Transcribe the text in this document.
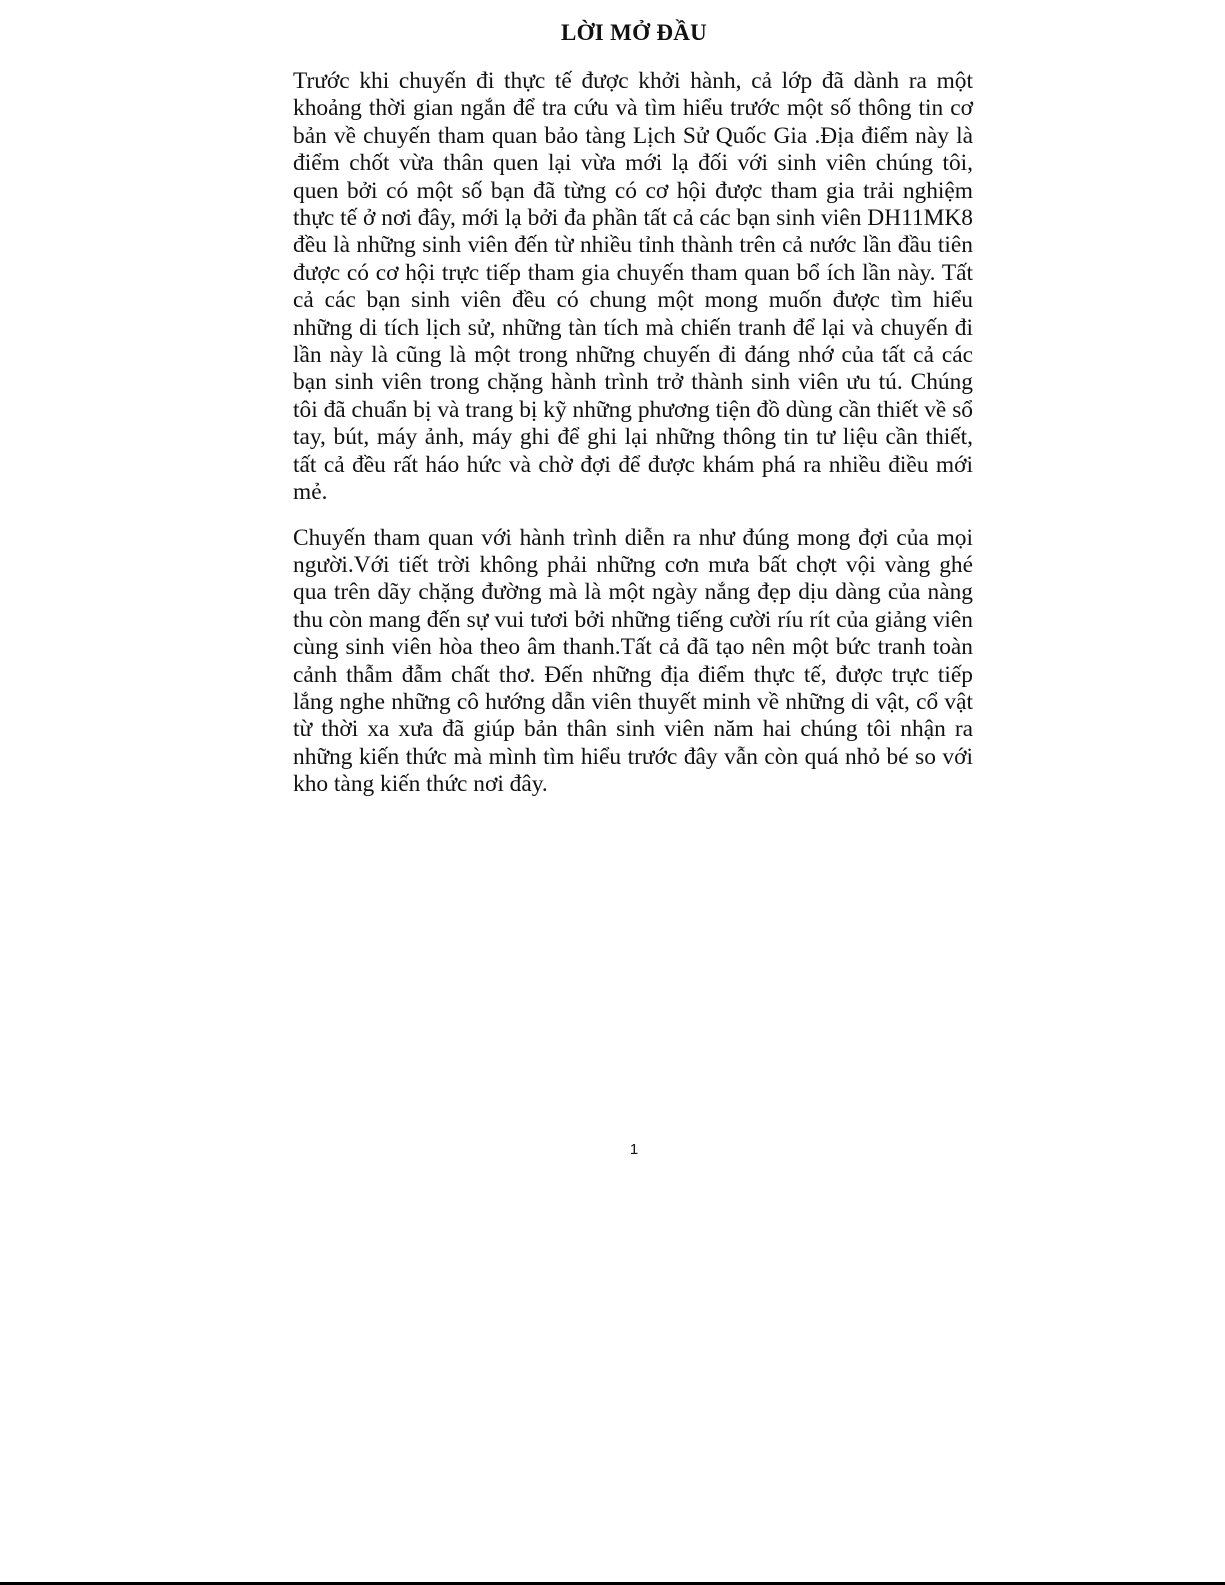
LỜI MỞ ĐẦU

Trước khi chuyến đi thực tế được khởi hành, cả lớp đã dành ra một khoảng thời gian ngắn để tra cứu và tìm hiểu trước một số thông tin cơ bản về chuyến tham quan bảo tàng Lịch Sử Quốc Gia .Địa điểm này là điểm chốt vừa thân quen lại vừa mới lạ đối với sinh viên chúng tôi, quen bởi có một số bạn đã từng có cơ hội được tham gia trải nghiệm thực tế ở nơi đây, mới lạ bởi đa phần tất cả các bạn sinh viên DH11MK8 đều là những sinh viên đến từ nhiều tỉnh thành trên cả nước lần đầu tiên được có cơ hội trực tiếp tham gia chuyến tham quan bổ ích lần này. Tất cả các bạn sinh viên đều có chung một mong muốn được tìm hiểu những di tích lịch sử, những tàn tích mà chiến tranh để lại và chuyến đi lần này là cũng là một trong những chuyến đi đáng nhớ của tất cả các bạn sinh viên trong chặng hành trình trở thành sinh viên ưu tú. Chúng tôi đã chuẩn bị và trang bị kỹ những phương tiện đồ dùng cần thiết về sổ tay, bút, máy ảnh, máy ghi để ghi lại những thông tin tư liệu cần thiết, tất cả đều rất háo hức và chờ đợi để được khám phá ra nhiều điều mới mẻ.

Chuyến tham quan với hành trình diễn ra như đúng mong đợi của mọi người.Với tiết trời không phải những cơn mưa bất chợt vội vàng ghé qua trên dãy chặng đường mà là một ngày nắng đẹp dịu dàng của nàng thu còn mang đến sự vui tươi bởi những tiếng cười ríu rít của giảng viên cùng sinh viên hòa theo âm thanh.Tất cả đã tạo nên một bức tranh toàn cảnh thẫm đẫm chất thơ. Đến những địa điểm thực tế, được trực tiếp lắng nghe những cô hướng dẫn viên thuyết minh về những di vật, cổ vật từ thời xa xưa đã giúp bản thân sinh viên năm hai chúng tôi nhận ra những kiến thức mà mình tìm hiểu trước đây vẫn còn quá nhỏ bé so với kho tàng kiến thức nơi đây.

1
